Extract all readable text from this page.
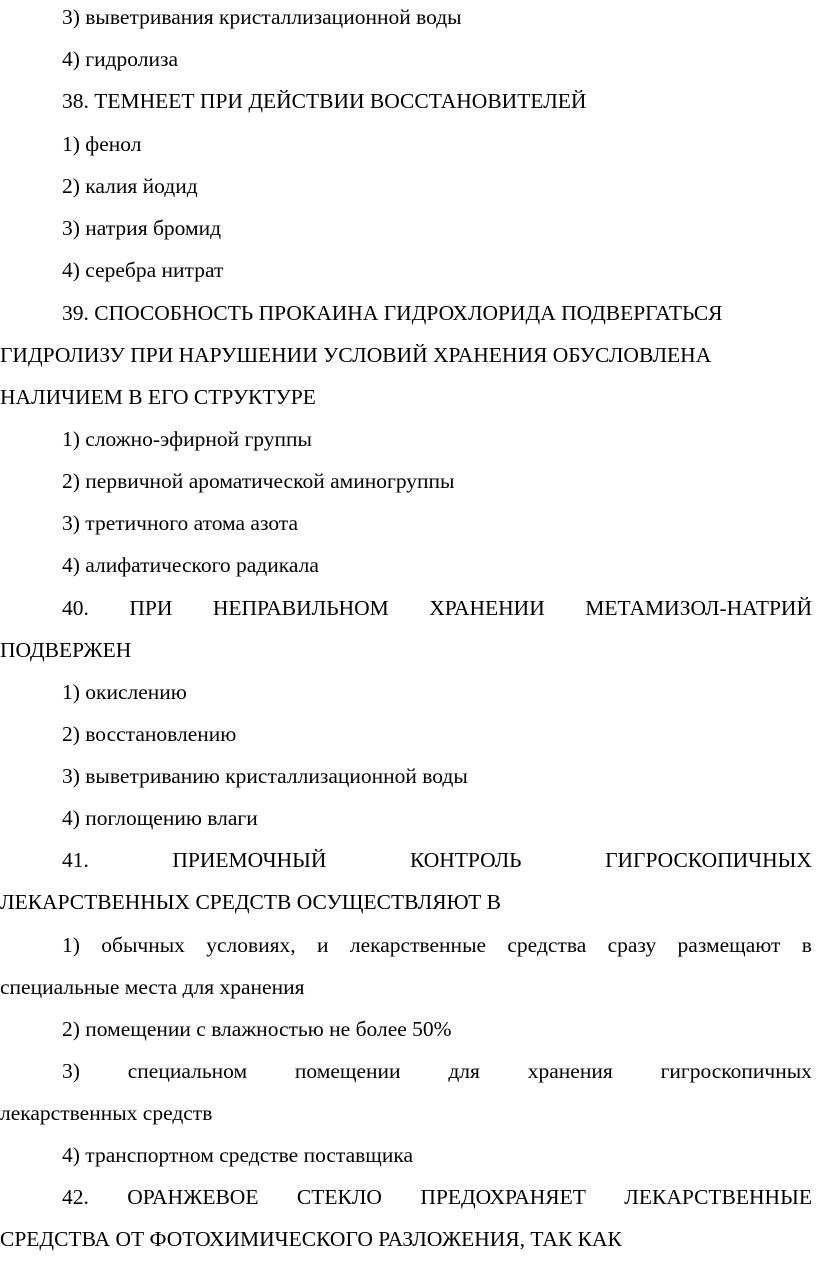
3) выветривания кристаллизационной воды
4) гидролиза
38. ТЕМНЕЕТ ПРИ ДЕЙСТВИИ ВОССТАНОВИТЕЛЕЙ
1) фенол
2) калия йодид
3) натрия бромид
4) серебра нитрат
39. СПОСОБНОСТЬ ПРОКАИНА ГИДРОХЛОРИДА ПОДВЕРГАТЬСЯ
ГИДРОЛИЗУ ПРИ НАРУШЕНИИ УСЛОВИЙ ХРАНЕНИЯ ОБУСЛОВЛЕНА
НАЛИЧИЕМ В ЕГО СТРУКТУРЕ
1) сложно-эфирной группы
2) первичной ароматической аминогруппы
3) третичного атома азота
4) алифатического радикала
40. ПРИ НЕПРАВИЛЬНОМ ХРАНЕНИИ МЕТАМИЗОЛ-НАТРИЙ
ПОДВЕРЖЕН
1) окислению
2) восстановлению
3) выветриванию кристаллизационной воды
4) поглощению влаги
41.	ПРИЕМОЧНЫЙ	КОНТРОЛЬ	ГИГРОСКОПИЧНЫХ
ЛЕКАРСТВЕННЫХ СРЕДСТВ ОСУЩЕСТВЛЯЮТ В
1) обычных условиях, и лекарственные средства сразу размещают в
специальные места для хранения
2) помещении с влажностью не более 50%
3) специальном помещении для хранения гигроскопичных
лекарственных средств
4) транспортном средстве поставщика
42. ОРАНЖЕВОЕ СТЕКЛО ПРЕДОХРАНЯЕТ ЛЕКАРСТВЕННЫЕ
СРЕДСТВА ОТ ФОТОХИМИЧЕСКОГО РАЗЛОЖЕНИЯ, ТАК КАК
